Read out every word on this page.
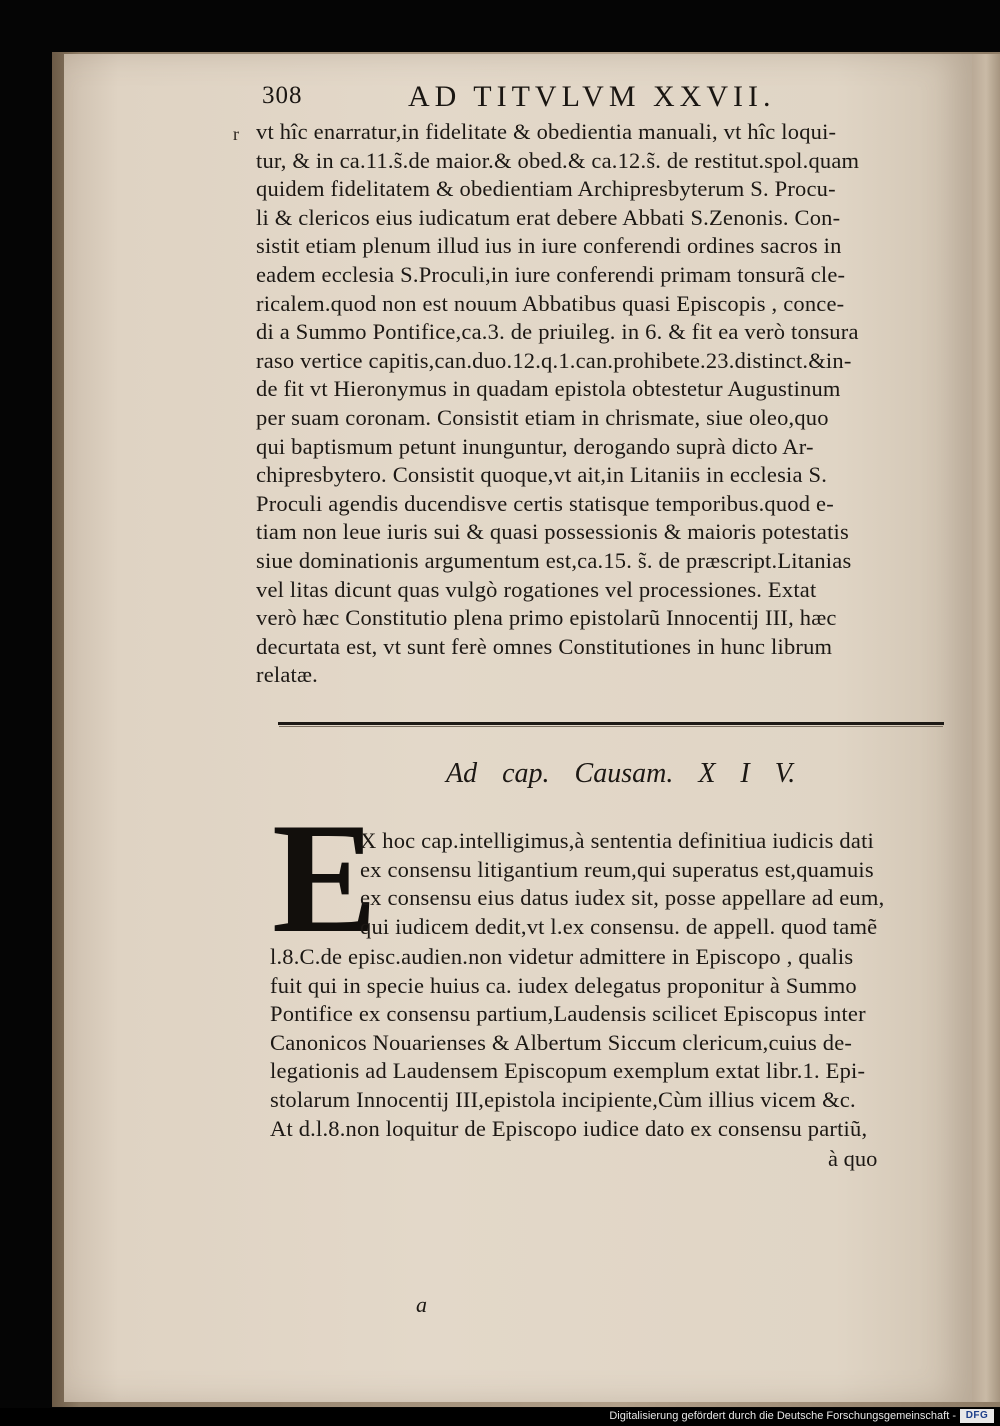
308	AD TITVLVM XXVII.
r vt hîc enarratur,in fidelitate & obedientia manuali, vt hîc loqui-
tur, & in ca.11.s̃.de maior.& obed.& ca.12.s̃. de restitut.spol.quam
quidem fidelitatem & obedientiam Archipresbyterum S. Procu-
li & clericos eius iudicatum erat debere Abbati S.Zenonis. Con-
sistit etiam plenum illud ius in iure conferendi ordines sacros in
eadem ecclesia S.Proculi,in iure conferendi primam tonsurã cle-
ricalem.quod non est nouum Abbatibus quasi Episcopis , conce-
di a Summo Pontifice,ca.3. de priuileg. in 6. & fit ea verò tonsura
raso vertice capitis,can.duo.12.q.1.can.prohibete.23.distinct.&in-
de fit vt Hieronymus in quadam epistola obtestetur Augustinum
per suam coronam. Consistit etiam in chrismate, siue oleo,quo
qui baptismum petunt inunguntur, derogando suprà dicto Ar-
chipresbytero. Consistit quoque,vt ait,in Litaniis in ecclesia S.
Proculi agendis ducendisve certis statisque temporibus.quod e-
tiam non leue iuris sui & quasi possessionis & maioris potestatis
siue dominationis argumentum est,ca.15. s̃. de præscript.Litanias
vel litas dicunt quas vulgò rogationes vel processiones. Extat
verò hæc Constitutio plena primo epistolarũ Innocentij III, hæc
decurtata est, vt sunt ferè omnes Constitutiones in hunc librum
relatæ.
Ad cap. Causam. X I V.
E
X hoc cap.intelligimus,à sententia definitiua iudicis dati
ex consensu litigantium reum,qui superatus est,quamuis
ex consensu eius datus iudex sit, posse appellare ad eum,
qui iudicem dedit,vt l.ex consensu. de appell. quod tamẽ
l.8.C.de episc.audien.non videtur admittere in Episcopo , qualis
fuit qui in specie huius ca. iudex delegatus proponitur à Summo
Pontifice ex consensu partium,Laudensis scilicet Episcopus inter
Canonicos Nouarienses & Albertum Siccum clericum,cuius de-
legationis ad Laudensem Episcopum exemplum extat libr.1. Epi-
stolarum Innocentij III,epistola incipiente,Cùm illius vicem &c.
At d.l.8.non loquitur de Episcopo iudice dato ex consensu partiũ,
à quo
a
Digitalisierung gefördert durch die Deutsche Forschungsgemeinschaft - DFG
